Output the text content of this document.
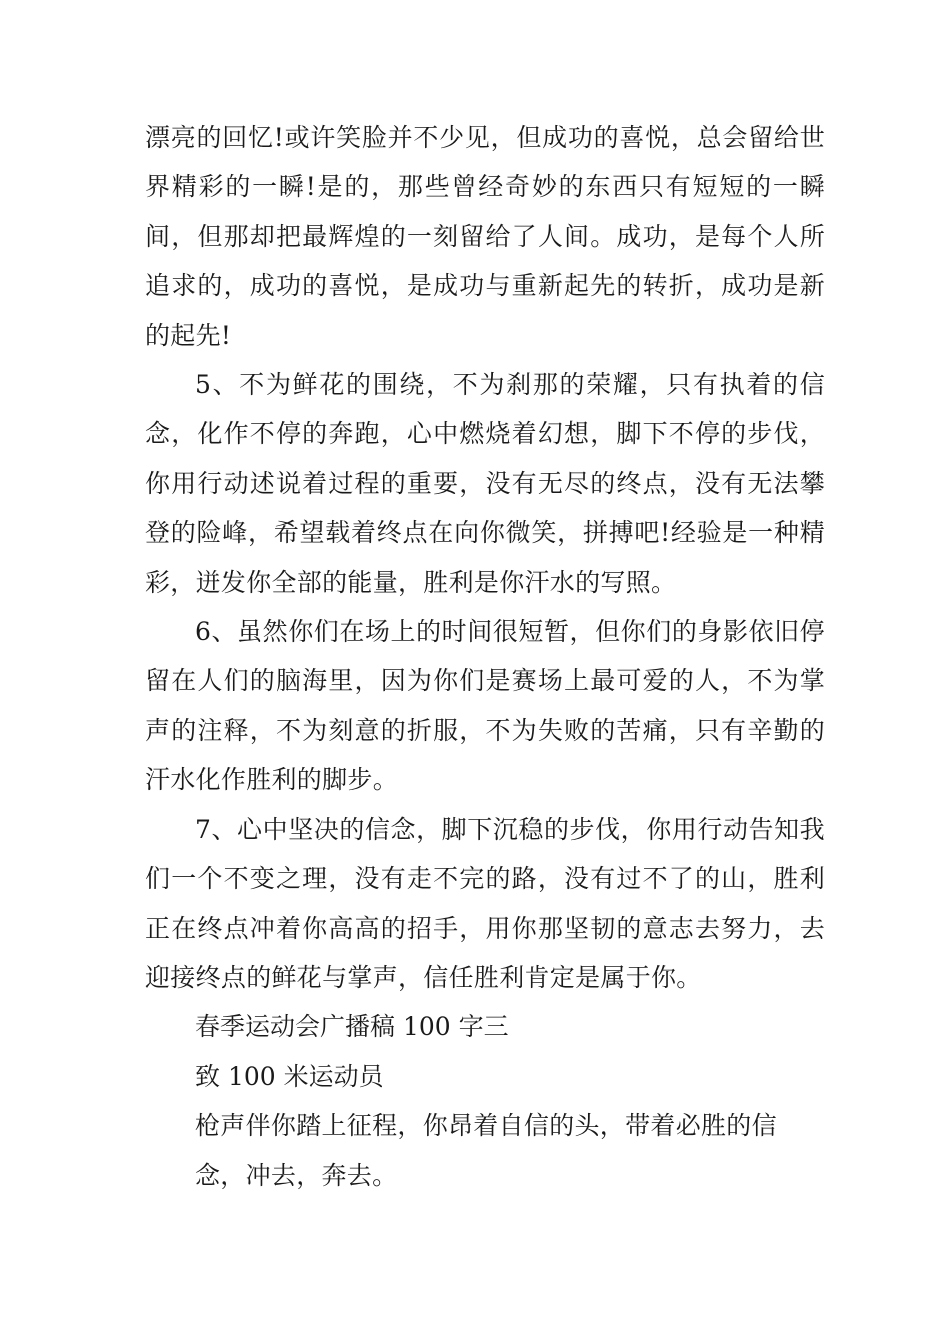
漂亮的回忆!或许笑脸并不少见，但成功的喜悦，总会留给世界精彩的一瞬!是的，那些曾经奇妙的东西只有短短的一瞬间，但那却把最辉煌的一刻留给了人间。成功，是每个人所追求的，成功的喜悦，是成功与重新起先的转折，成功是新的起先!

5、不为鲜花的围绕，不为刹那的荣耀，只有执着的信念，化作不停的奔跑，心中燃烧着幻想，脚下不停的步伐，你用行动述说着过程的重要，没有无尽的终点，没有无法攀登的险峰，希望载着终点在向你微笑，拼搏吧!经验是一种精彩，迸发你全部的能量，胜利是你汗水的写照。

6、虽然你们在场上的时间很短暂，但你们的身影依旧停留在人们的脑海里，因为你们是赛场上最可爱的人，不为掌声的注释，不为刻意的折服，不为失败的苦痛，只有辛勤的汗水化作胜利的脚步。

7、心中坚决的信念，脚下沉稳的步伐，你用行动告知我们一个不变之理，没有走不完的路，没有过不了的山，胜利正在终点冲着你高高的招手，用你那坚韧的意志去努力，去迎接终点的鲜花与掌声，信任胜利肯定是属于你。

春季运动会广播稿 100 字三

致 100 米运动员

枪声伴你踏上征程，你昂着自信的头，带着必胜的信念，冲去，奔去。
